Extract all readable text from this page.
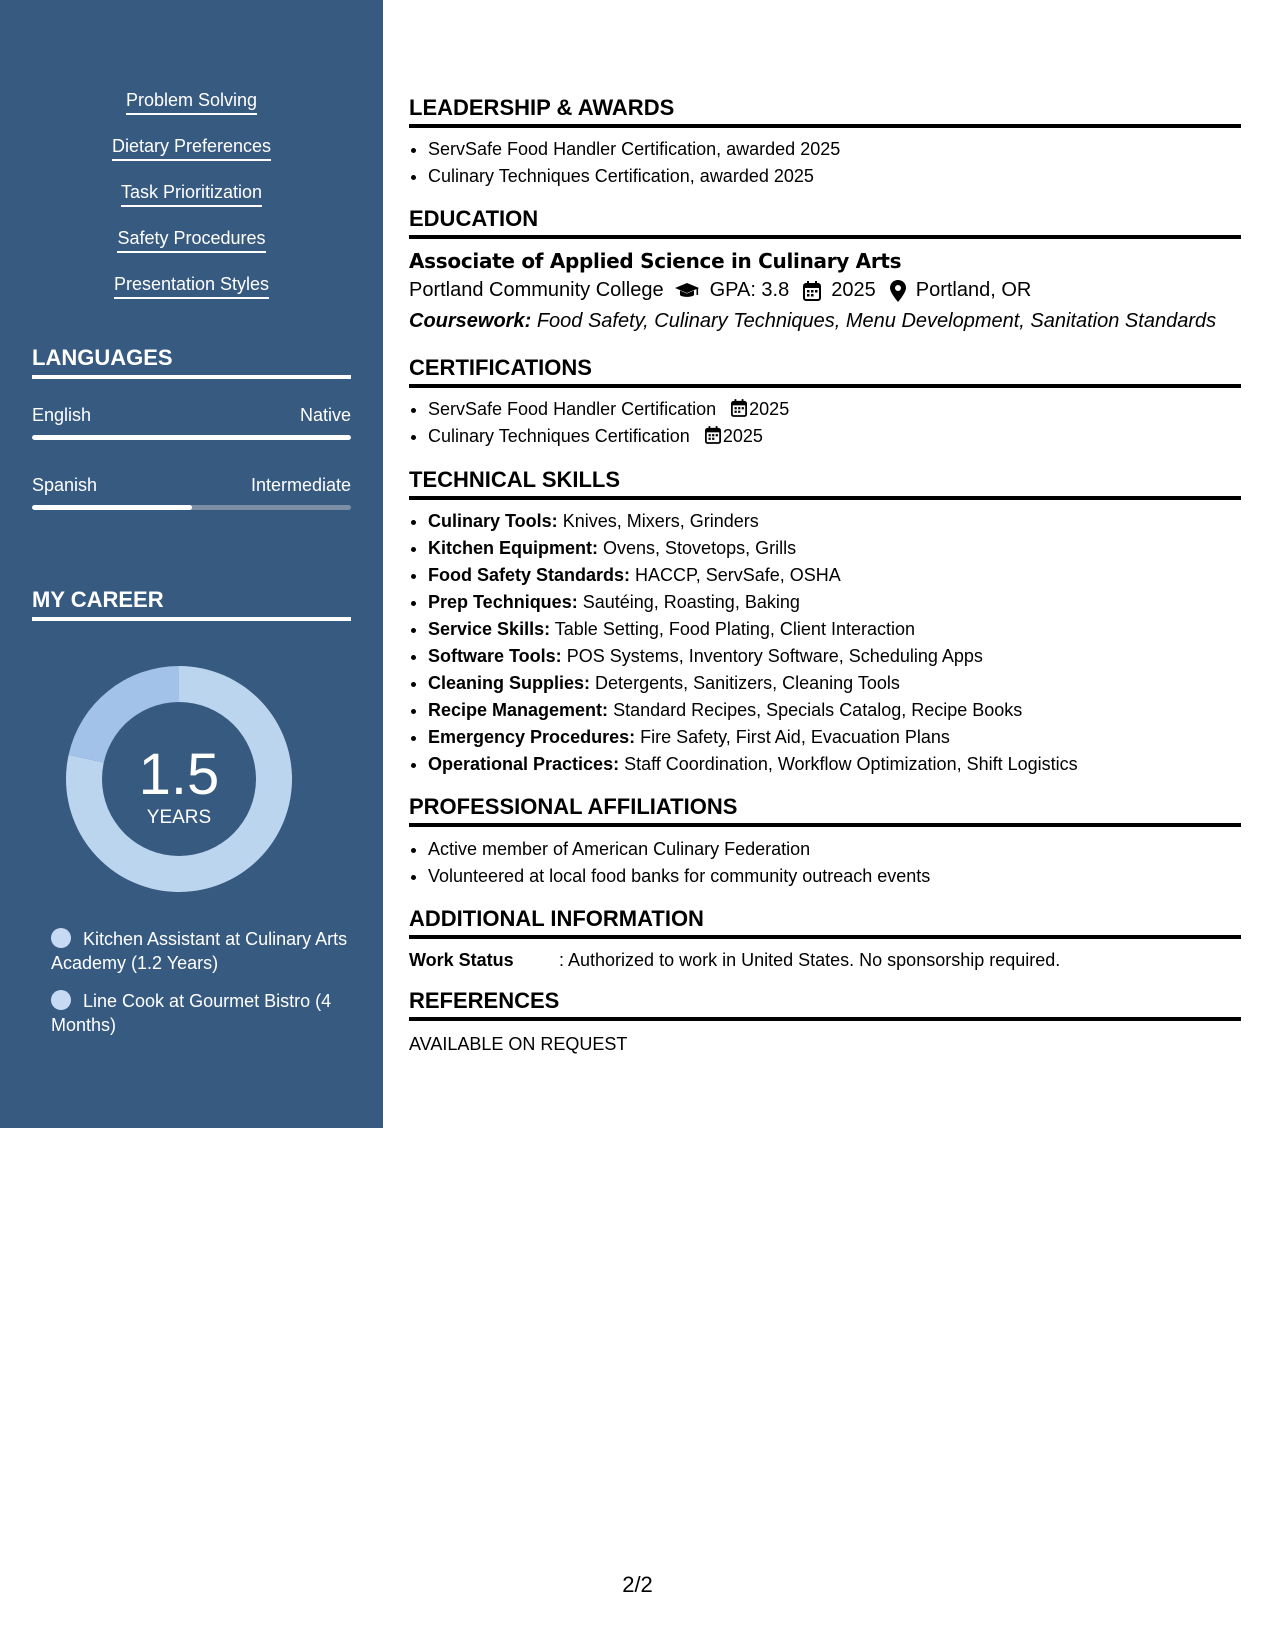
Problem Solving
Dietary Preferences
Task Prioritization
Safety Procedures
Presentation Styles
LANGUAGES
English	Native
Spanish	Intermediate
MY CAREER
1.5
YEARS
Kitchen Assistant at Culinary Arts Academy (1.2 Years)
Line Cook at Gourmet Bistro (4 Months)
LEADERSHIP & AWARDS
• ServSafe Food Handler Certification, awarded 2025
• Culinary Techniques Certification, awarded 2025
EDUCATION
Associate of Applied Science in Culinary Arts
Portland Community College GPA: 3.8 2025 Portland, OR
Coursework: Food Safety, Culinary Techniques, Menu Development, Sanitation Standards
CERTIFICATIONS
• ServSafe Food Handler Certification 2025
• Culinary Techniques Certification 2025
TECHNICAL SKILLS
• Culinary Tools: Knives, Mixers, Grinders
• Kitchen Equipment: Ovens, Stovetops, Grills
• Food Safety Standards: HACCP, ServSafe, OSHA
• Prep Techniques: Sautéing, Roasting, Baking
• Service Skills: Table Setting, Food Plating, Client Interaction
• Software Tools: POS Systems, Inventory Software, Scheduling Apps
• Cleaning Supplies: Detergents, Sanitizers, Cleaning Tools
• Recipe Management: Standard Recipes, Specials Catalog, Recipe Books
• Emergency Procedures: Fire Safety, First Aid, Evacuation Plans
• Operational Practices: Staff Coordination, Workflow Optimization, Shift Logistics
PROFESSIONAL AFFILIATIONS
• Active member of American Culinary Federation
• Volunteered at local food banks for community outreach events
ADDITIONAL INFORMATION
Work Status	: Authorized to work in United States. No sponsorship required.
REFERENCES
AVAILABLE ON REQUEST
2/2
